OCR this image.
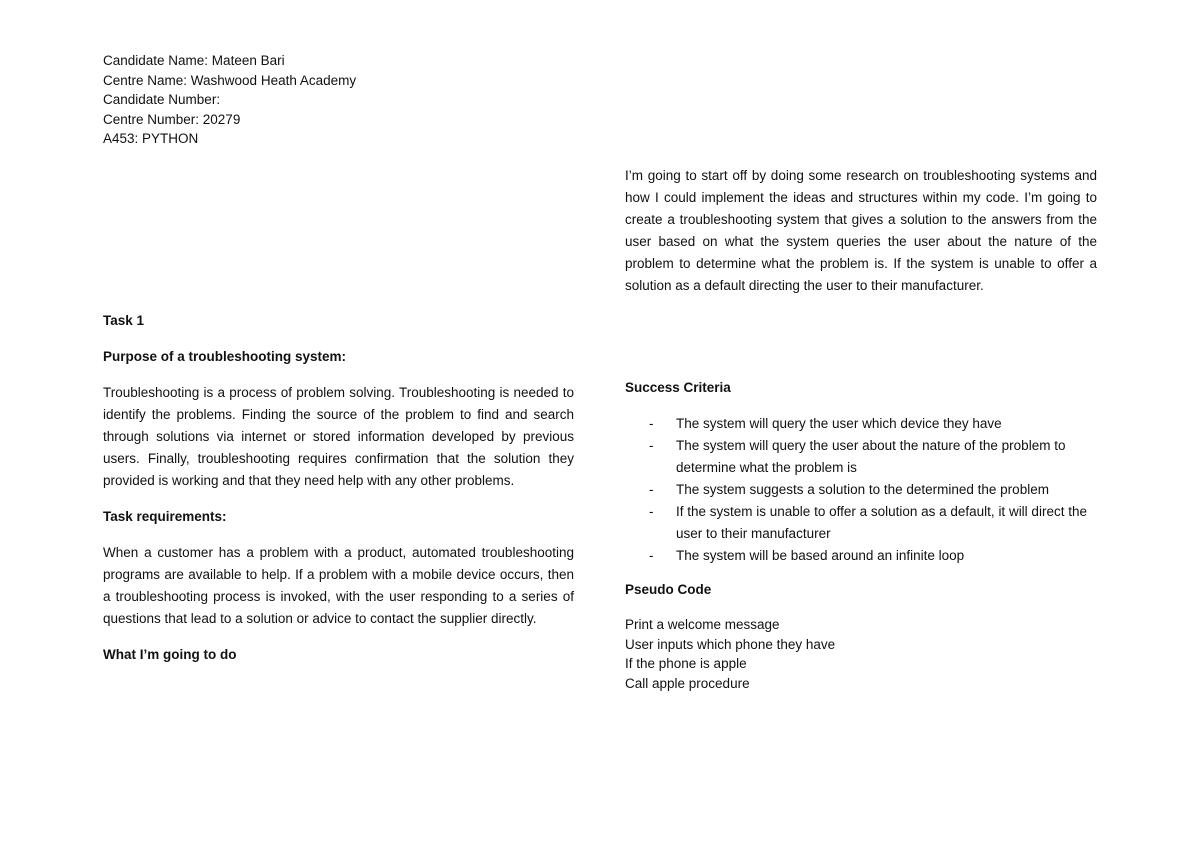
Candidate Name: Mateen Bari
Centre Name: Washwood Heath Academy
Candidate Number:
Centre Number: 20279
A453: PYTHON

Task 1

Purpose of a troubleshooting system:

Troubleshooting is a process of problem solving. Troubleshooting is needed to identify the problems. Finding the source of the problem to find and search through solutions via internet or stored information developed by previous users. Finally, troubleshooting requires confirmation that the solution they provided is working and that they need help with any other problems.

Task requirements:

When a customer has a problem with a product, automated troubleshooting programs are available to help. If a problem with a mobile device occurs, then a troubleshooting process is invoked, with the user responding to a series of questions that lead to a solution or advice to contact the supplier directly.

What I’m going to do

I’m going to start off by doing some research on troubleshooting systems and how I could implement the ideas and structures within my code. I’m going to create a troubleshooting system that gives a solution to the answers from the user based on what the system queries the user about the nature of the problem to determine what the problem is. If the system is unable to offer a solution as a default directing the user to their manufacturer.

Success Criteria

- The system will query the user which device they have
- The system will query the user about the nature of the problem to determine what the problem is
- The system suggests a solution to the determined the problem
- If the system is unable to offer a solution as a default, it will direct the user to their manufacturer
- The system will be based around an infinite loop

Pseudo Code

Print a welcome message
User inputs which phone they have
If the phone is apple
Call apple procedure
